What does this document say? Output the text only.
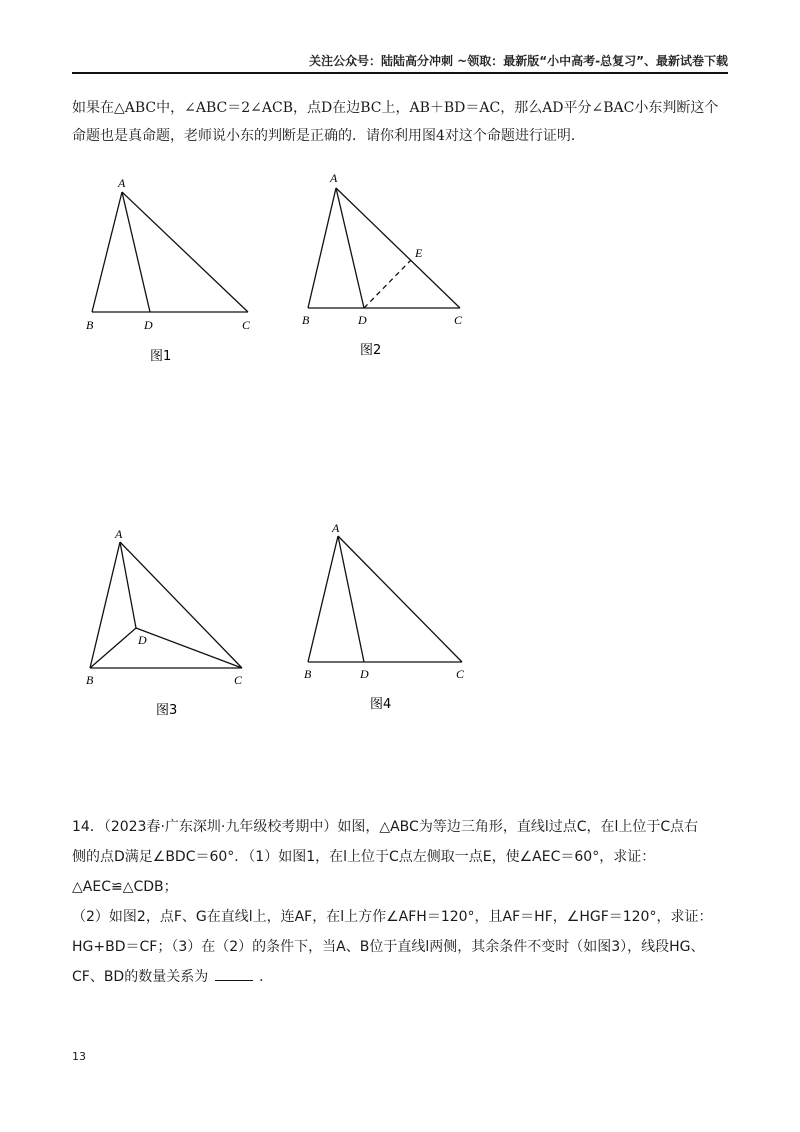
关注公众号：陆陆高分冲刺 ~领取：最新版“小中高考-总复习”、最新试卷下载
如果在△ABC中，∠ABC＝2∠ACB，点D在边BC上，AB＋BD＝AC，那么AD平分∠BAC小东判断这个
命题也是真命题，老师说小东的判断是正确的．请你利用图4对这个命题进行证明．
A
B	D	C
图1
A
E
B	D	C
图2
A
D
B	C
图3
A
B	D	C
图4
14．（2023春·广东深圳·九年级校考期中）如图，△ABC为等边三角形，直线l过点C，在l上位于C点右
侧的点D满足∠BDC＝60°．（1）如图1，在l上位于C点左侧取一点E，使∠AEC＝60°，求证：
△AEC≌△CDB；
（2）如图2，点F、G在直线l上，连AF，在l上方作∠AFH＝120°，且AF＝HF，∠HGF＝120°，求证：
HG+BD＝CF；（3）在（2）的条件下，当A、B位于直线l两侧，其余条件不变时（如图3），线段HG、
CF、BD的数量关系为	．
13
